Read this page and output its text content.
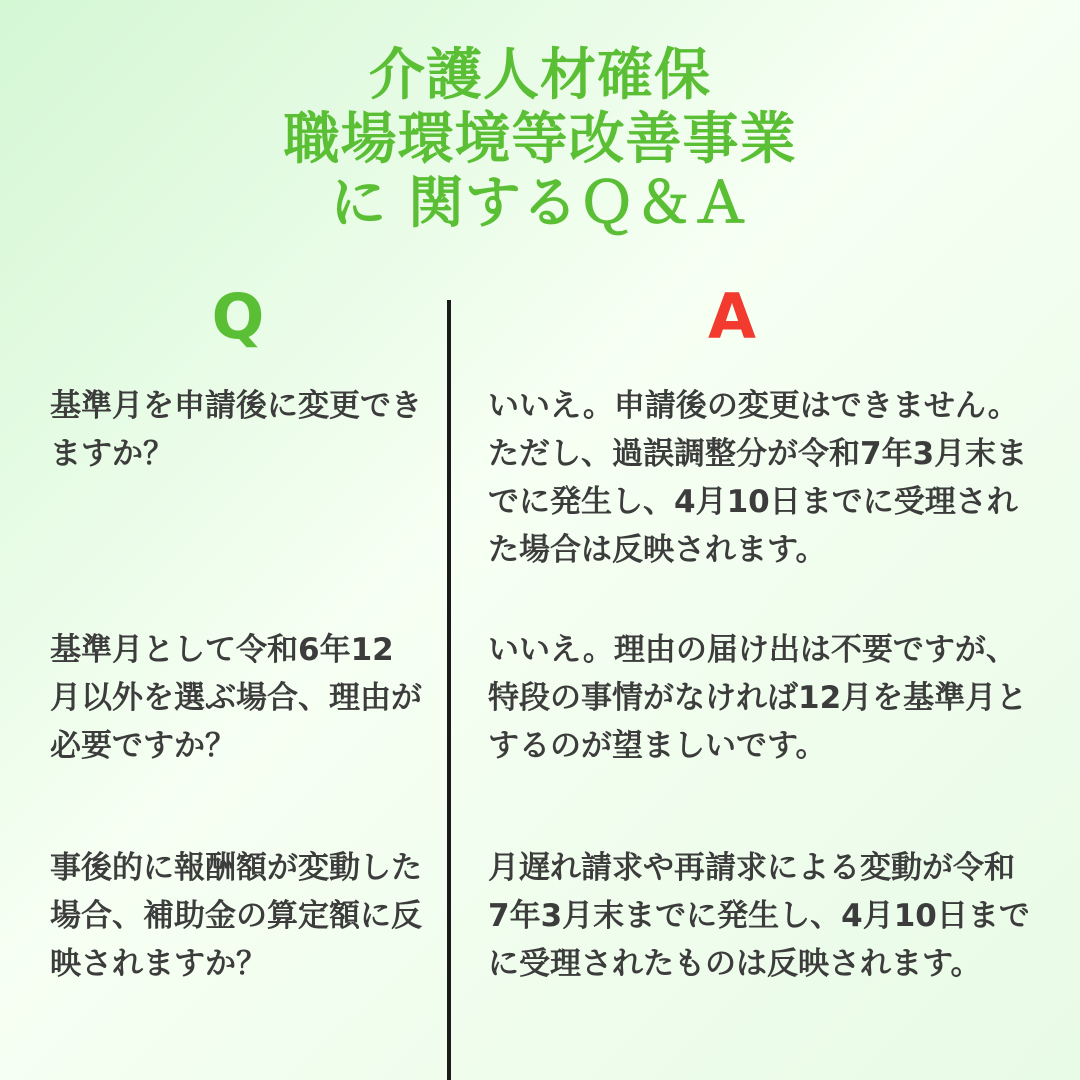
介護人材確保
職場環境等改善事業
に 関するＱ＆Ａ
Q	A
基準月を申請後に変更できますか？
いいえ。申請後の変更はできません。ただし、過誤調整分が令和7年3月末までに発生し、4月10日までに受理された場合は反映されます。
基準月として令和6年12月以外を選ぶ場合、理由が必要ですか？
いいえ。理由の届け出は不要ですが、特段の事情がなければ12月を基準月とするのが望ましいです。
事後的に報酬額が変動した場合、補助金の算定額に反映されますか？
月遅れ請求や再請求による変動が令和7年3月末までに発生し、4月10日までに受理されたものは反映されます。
